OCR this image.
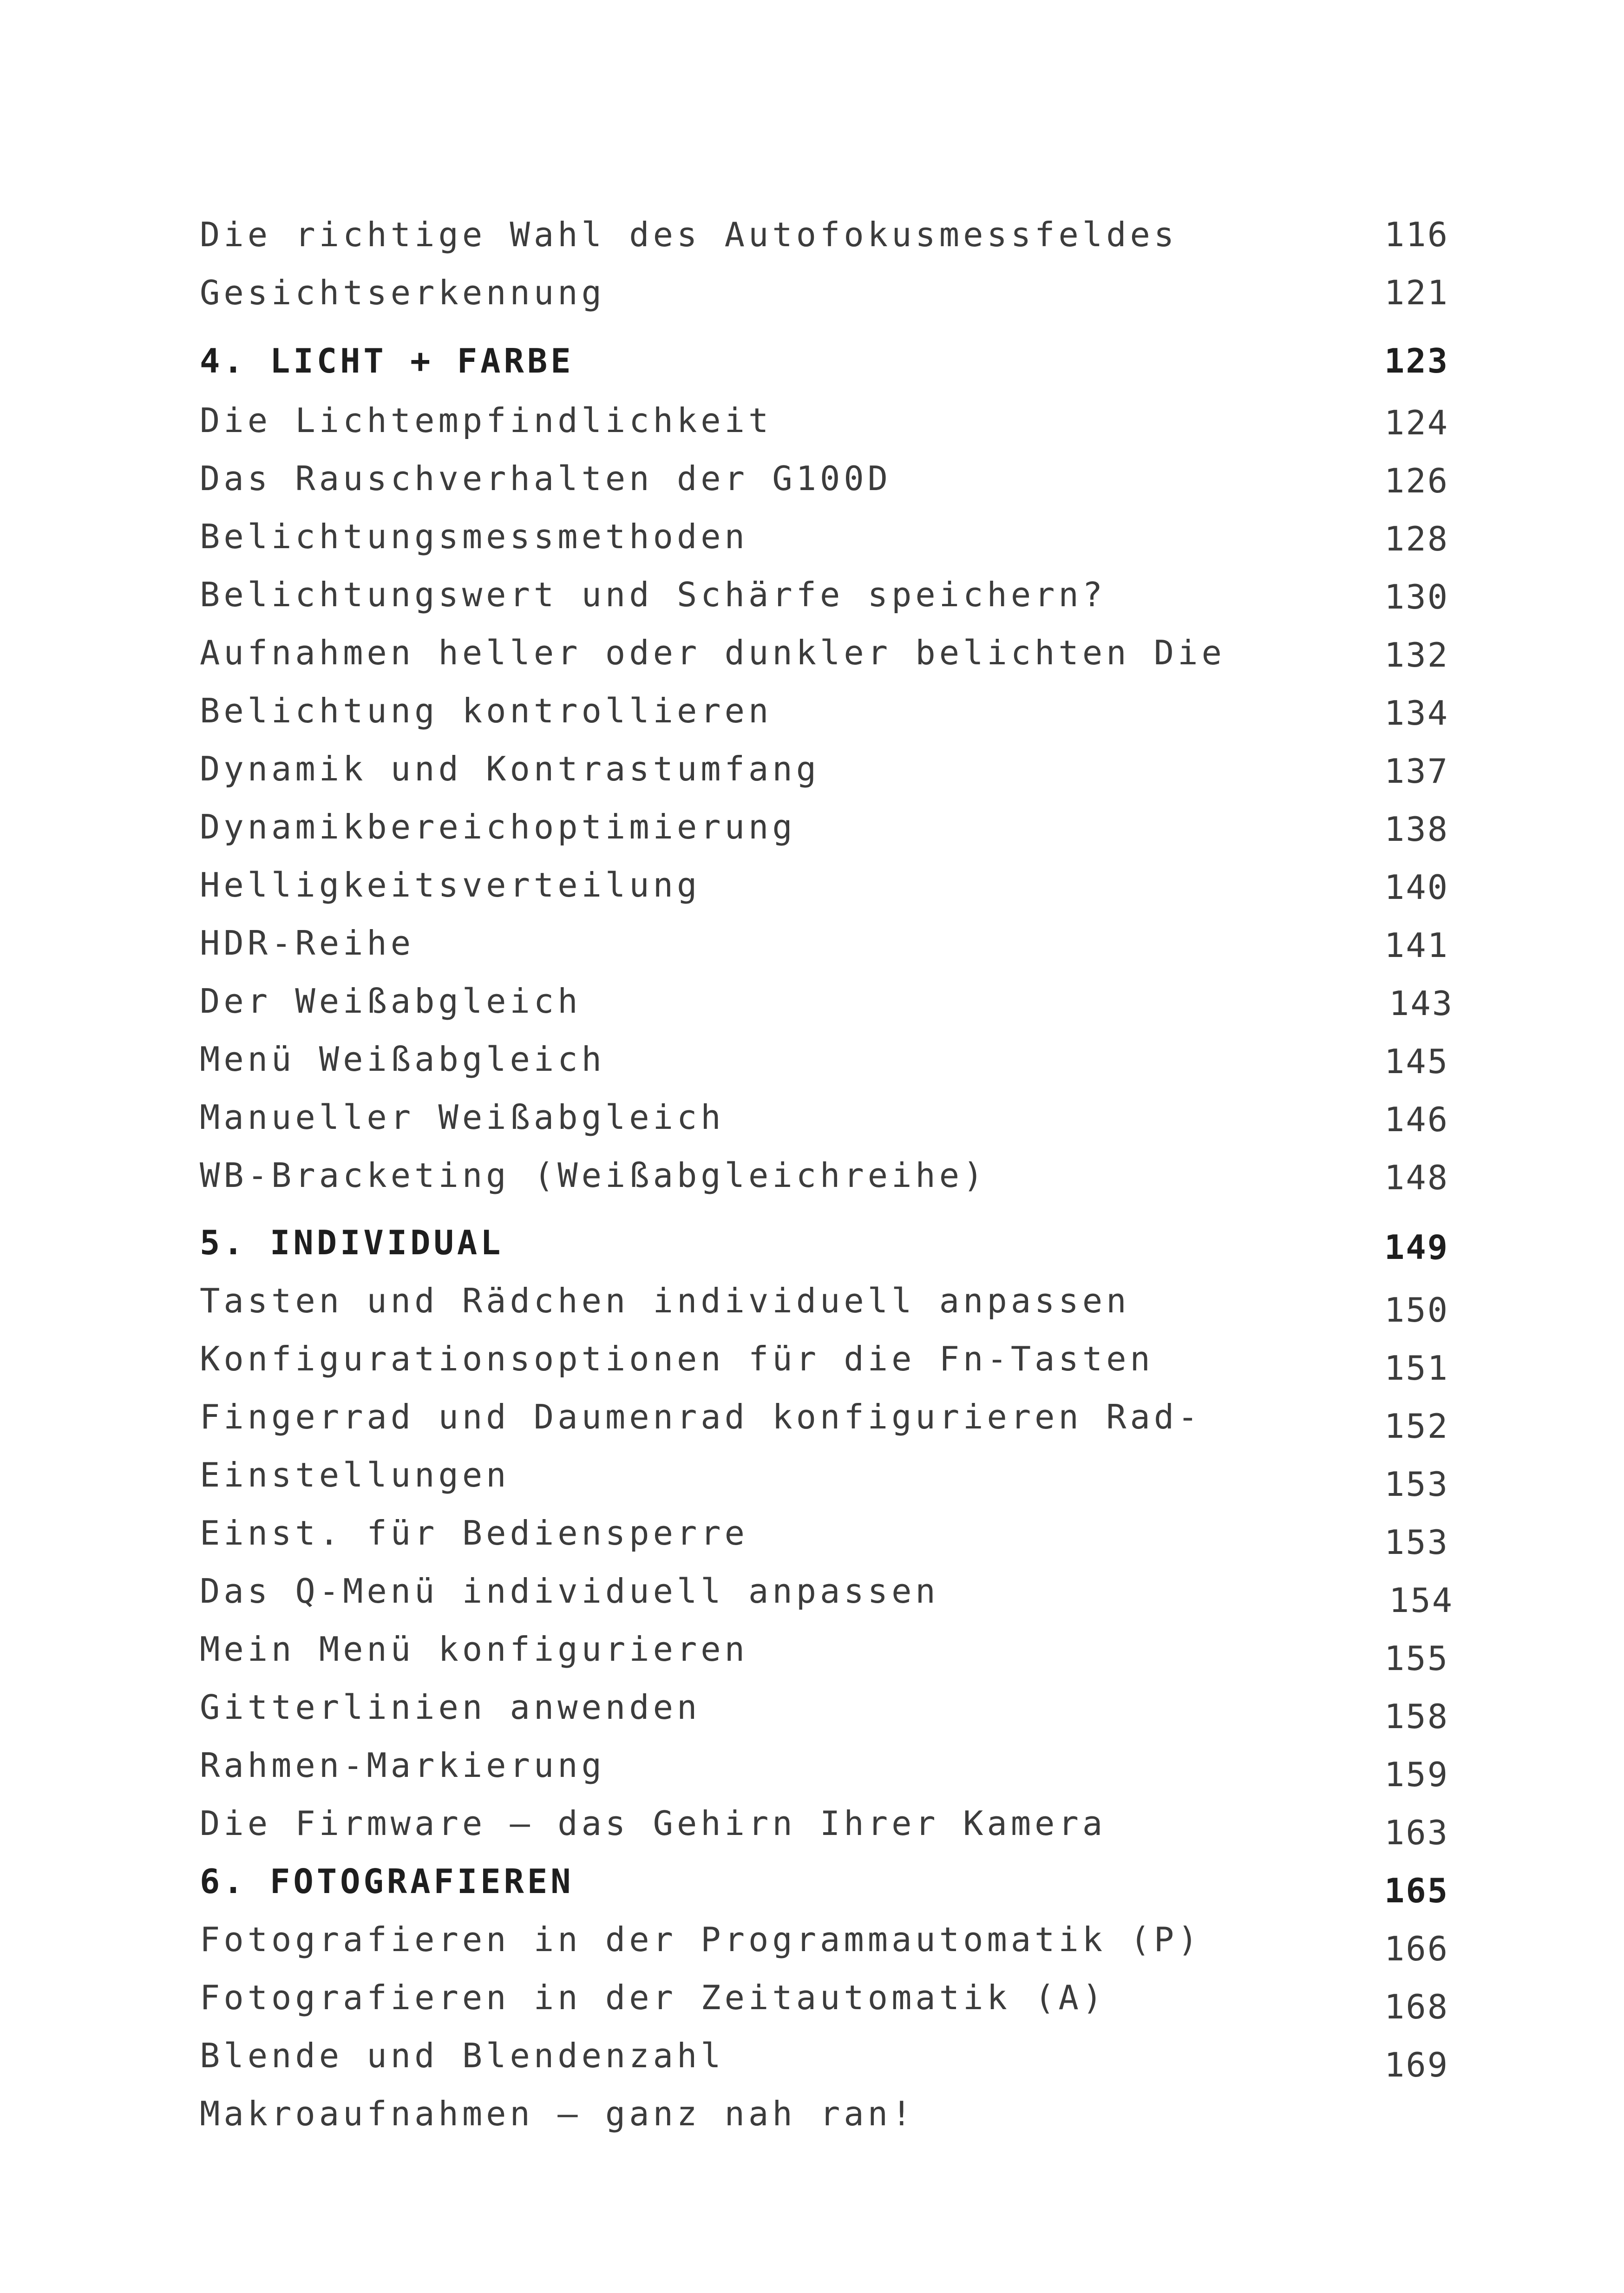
Die richtige Wahl des Autofokusmessfeldes
Gesichtserkennung
4. LICHT + FARBE
Die Lichtempfindlichkeit
Das Rauschverhalten der G100D
Belichtungsmessmethoden
Belichtungswert und Schärfe speichern?
Aufnahmen heller oder dunkler belichten Die
Belichtung kontrollieren
Dynamik und Kontrastumfang
Dynamikbereichoptimierung
Helligkeitsverteilung
HDR-Reihe
Der Weißabgleich
Menü Weißabgleich
Manueller Weißabgleich
WB-Bracketing (Weißabgleichreihe)
5. INDIVIDUAL
Tasten und Rädchen individuell anpassen
Konfigurationsoptionen für die Fn-Tasten
Fingerrad und Daumenrad konfigurieren Rad-
Einstellungen
Einst. für Bediensperre
Das Q-Menü individuell anpassen
Mein Menü konfigurieren
Gitterlinien anwenden
Rahmen-Markierung
Die Firmware – das Gehirn Ihrer Kamera
6. FOTOGRAFIEREN
Fotografieren in der Programmautomatik (P)
Fotografieren in der Zeitautomatik (A)
Blende und Blendenzahl
Makroaufnahmen – ganz nah ran!
116
121
123
124
126
128
130
132
134
137
138
140
141
143
145
146
148
149
150
151
152
153
153
154
155
158
159
163
165
166
168
169
